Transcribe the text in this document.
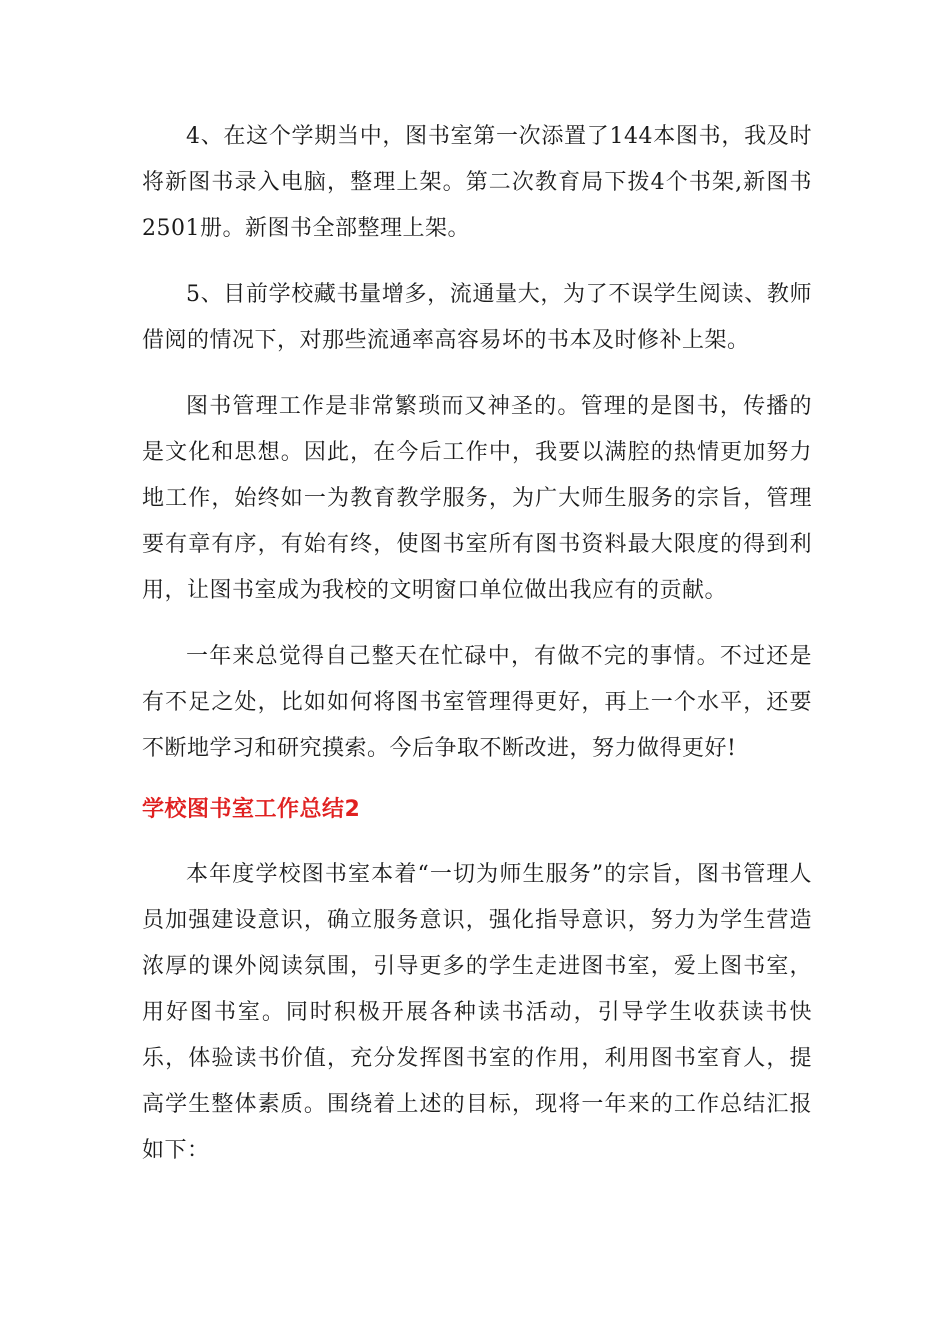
4、在这个学期当中，图书室第一次添置了144本图书，我及时将新图书录入电脑，整理上架。第二次教育局下拨4个书架,新图书2501册。新图书全部整理上架。

5、目前学校藏书量增多，流通量大，为了不误学生阅读、教师借阅的情况下，对那些流通率高容易坏的书本及时修补上架。

图书管理工作是非常繁琐而又神圣的。管理的是图书，传播的是文化和思想。因此，在今后工作中，我要以满腔的热情更加努力地工作，始终如一为教育教学服务，为广大师生服务的宗旨，管理要有章有序，有始有终，使图书室所有图书资料最大限度的得到利用，让图书室成为我校的文明窗口单位做出我应有的贡献。

一年来总觉得自己整天在忙碌中，有做不完的事情。不过还是有不足之处，比如如何将图书室管理得更好，再上一个水平，还要不断地学习和研究摸索。今后争取不断改进，努力做得更好!

学校图书室工作总结2

本年度学校图书室本着“一切为师生服务”的宗旨，图书管理人员加强建设意识，确立服务意识，强化指导意识，努力为学生营造浓厚的课外阅读氛围，引导更多的学生走进图书室，爱上图书室，用好图书室。同时积极开展各种读书活动，引导学生收获读书快乐，体验读书价值，充分发挥图书室的作用，利用图书室育人，提高学生整体素质。围绕着上述的目标，现将一年来的工作总结汇报如下：
